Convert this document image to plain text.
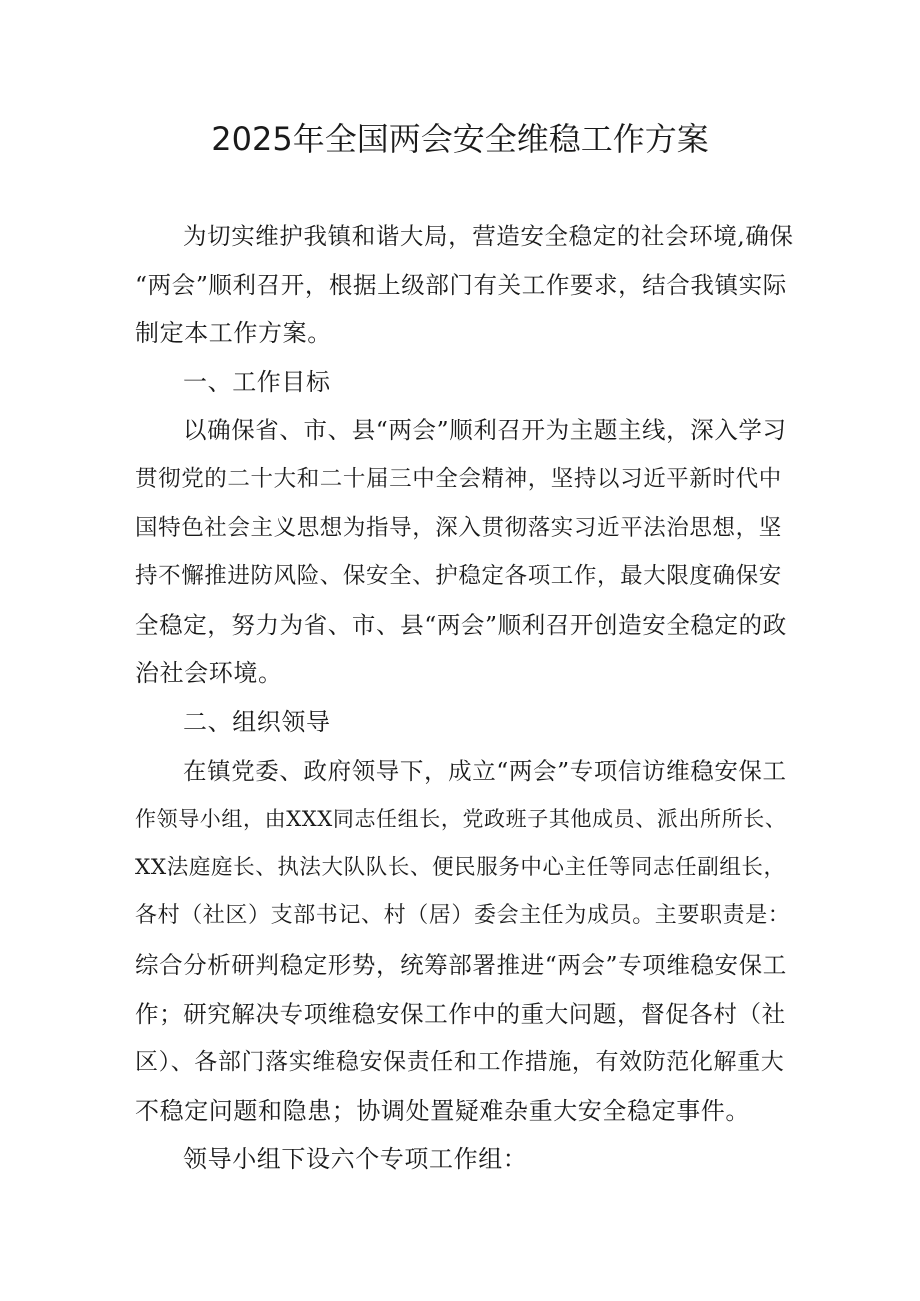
2025年全国两会安全维稳工作方案
为切实维护我镇和谐大局，营造安全稳定的社会环境,确保
“两会”顺利召开，根据上级部门有关工作要求，结合我镇实际
制定本工作方案。
一、工作目标
以确保省、市、县“两会”顺利召开为主题主线，深入学习
贯彻党的二十大和二十届三中全会精神，坚持以习近平新时代中
国特色社会主义思想为指导，深入贯彻落实习近平法治思想，坚
持不懈推进防风险、保安全、护稳定各项工作，最大限度确保安
全稳定，努力为省、市、县“两会”顺利召开创造安全稳定的政
治社会环境。
二、组织领导
在镇党委、政府领导下，成立“两会”专项信访维稳安保工
作领导小组，由XXX同志任组长，党政班子其他成员、派出所所长、
XX法庭庭长、执法大队队长、便民服务中心主任等同志任副组长，
各村（社区）支部书记、村（居）委会主任为成员。主要职责是：
综合分析研判稳定形势，统筹部署推进“两会”专项维稳安保工
作；研究解决专项维稳安保工作中的重大问题，督促各村（社
区）、各部门落实维稳安保责任和工作措施，有效防范化解重大
不稳定问题和隐患；协调处置疑难杂重大安全稳定事件。
领导小组下设六个专项工作组：
